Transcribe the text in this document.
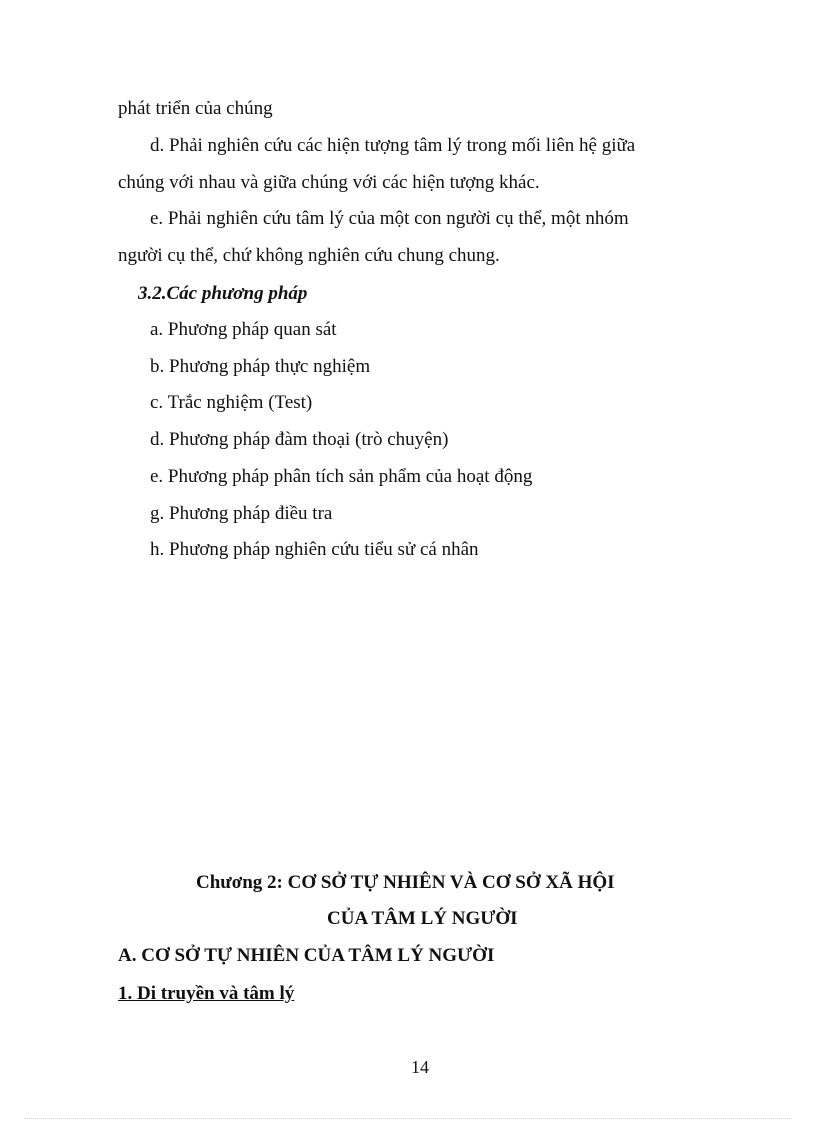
phát triển của chúng
d. Phải nghiên cứu các hiện tượng tâm lý trong mối liên hệ giữa
chúng với nhau và giữa chúng với các hiện tượng khác.
e. Phải nghiên cứu tâm lý của một con người cụ thể, một nhóm
người cụ thể, chứ không nghiên cứu chung chung.
3.2.Các phương pháp
a. Phương pháp quan sát
b. Phương pháp thực nghiệm
c. Trắc nghiệm (Test)
d. Phương pháp đàm thoại (trò chuyện)
e. Phương pháp phân tích sản phẩm của hoạt động
g. Phương pháp điều tra
h. Phương pháp nghiên cứu tiểu sử cá nhân
Chương 2: CƠ SỞ TỰ NHIÊN VÀ CƠ SỞ XÃ HỘI
CỦA TÂM LÝ NGƯỜI
A. CƠ SỞ TỰ NHIÊN CỦA TÂM LÝ NGƯỜI
1. Di truyền và tâm lý
14
